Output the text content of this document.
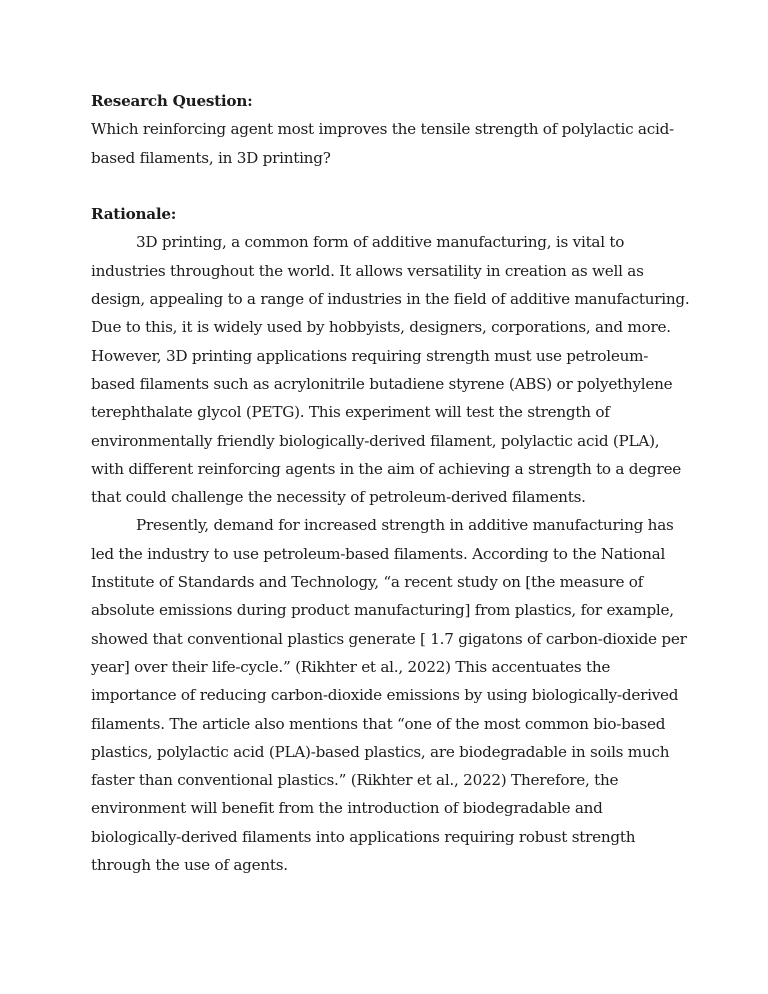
Research Question:

Which reinforcing agent most improves the tensile strength of polylactic acid-based filaments, in 3D printing?

Rationale:

3D printing, a common form of additive manufacturing, is vital to industries throughout the world. It allows versatility in creation as well as design, appealing to a range of industries in the field of additive manufacturing. Due to this, it is widely used by hobbyists, designers, corporations, and more. However, 3D printing applications requiring strength must use petroleum-based filaments such as acrylonitrile butadiene styrene (ABS) or polyethylene terephthalate glycol (PETG). This experiment will test the strength of environmentally friendly biologically-derived filament, polylactic acid (PLA), with different reinforcing agents in the aim of achieving a strength to a degree that could challenge the necessity of petroleum-derived filaments.

Presently, demand for increased strength in additive manufacturing has led the industry to use petroleum-based filaments. According to the National Institute of Standards and Technology, “a recent study on [the measure of absolute emissions during product manufacturing] from plastics, for example, showed that conventional plastics generate [ 1.7 gigatons of carbon-dioxide per year] over their life-cycle.” (Rikhter et al., 2022) This accentuates the importance of reducing carbon-dioxide emissions by using biologically-derived filaments. The article also mentions that “one of the most common bio-based plastics, polylactic acid (PLA)-based plastics, are biodegradable in soils much faster than conventional plastics.” (Rikhter et al., 2022) Therefore, the environment will benefit from the introduction of biodegradable and biologically-derived filaments into applications requiring robust strength through the use of agents.
